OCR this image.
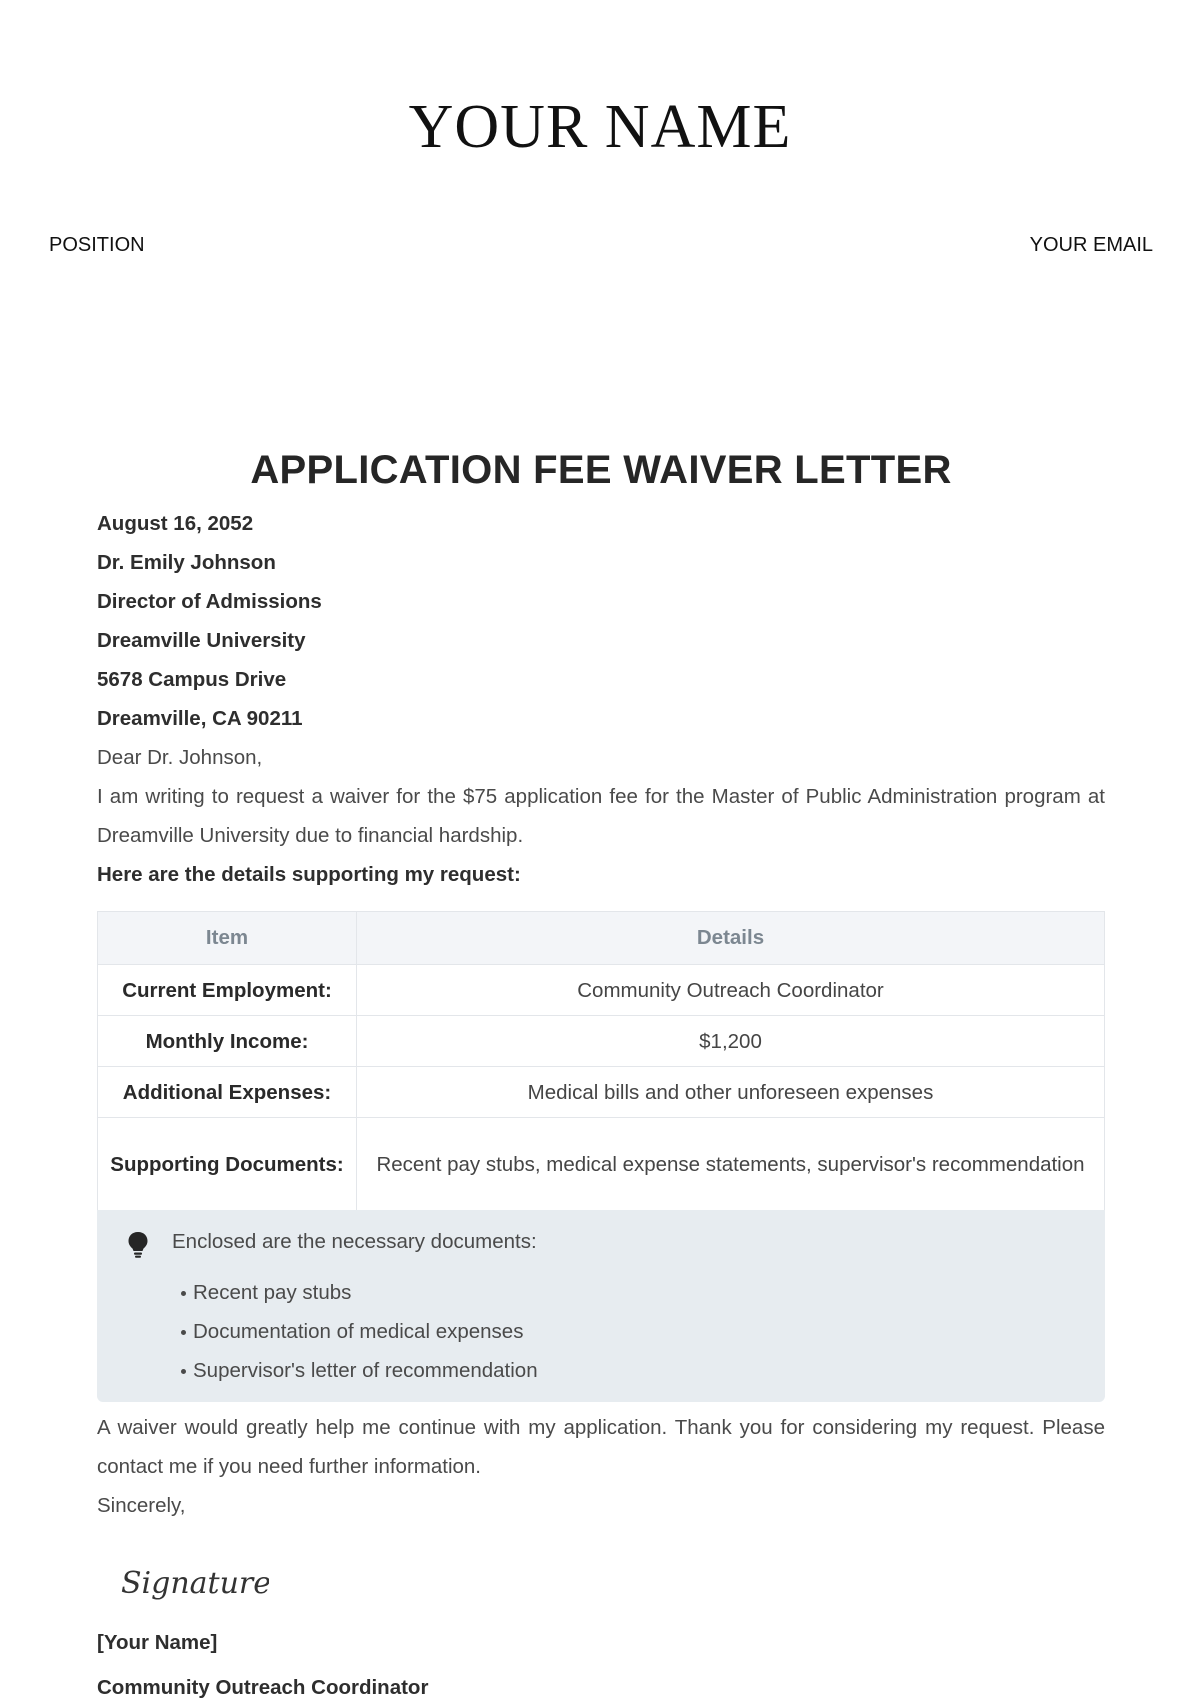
YOUR NAME
POSITION	YOUR EMAIL
APPLICATION FEE WAIVER LETTER

August 16, 2052

Dr. Emily Johnson

Director of Admissions

Dreamville University

5678 Campus Drive

Dreamville, CA 90211

Dear Dr. Johnson,

I am writing to request a waiver for the $75 application fee for the Master of Public Administration program at Dreamville University due to financial hardship.

Here are the details supporting my request:

Item	Details
Current Employment:	Community Outreach Coordinator
Monthly Income:	$1,200
Additional Expenses:	Medical bills and other unforeseen expenses
Supporting Documents:	Recent pay stubs, medical expense statements, supervisor's recommendation
Enclosed are the necessary documents:
Recent pay stubs
Documentation of medical expenses
Supervisor's letter of recommendation

A waiver would greatly help me continue with my application. Thank you for considering my request. Please contact me if you need further information.

Sincerely,

Signature

[Your Name]

Community Outreach Coordinator
